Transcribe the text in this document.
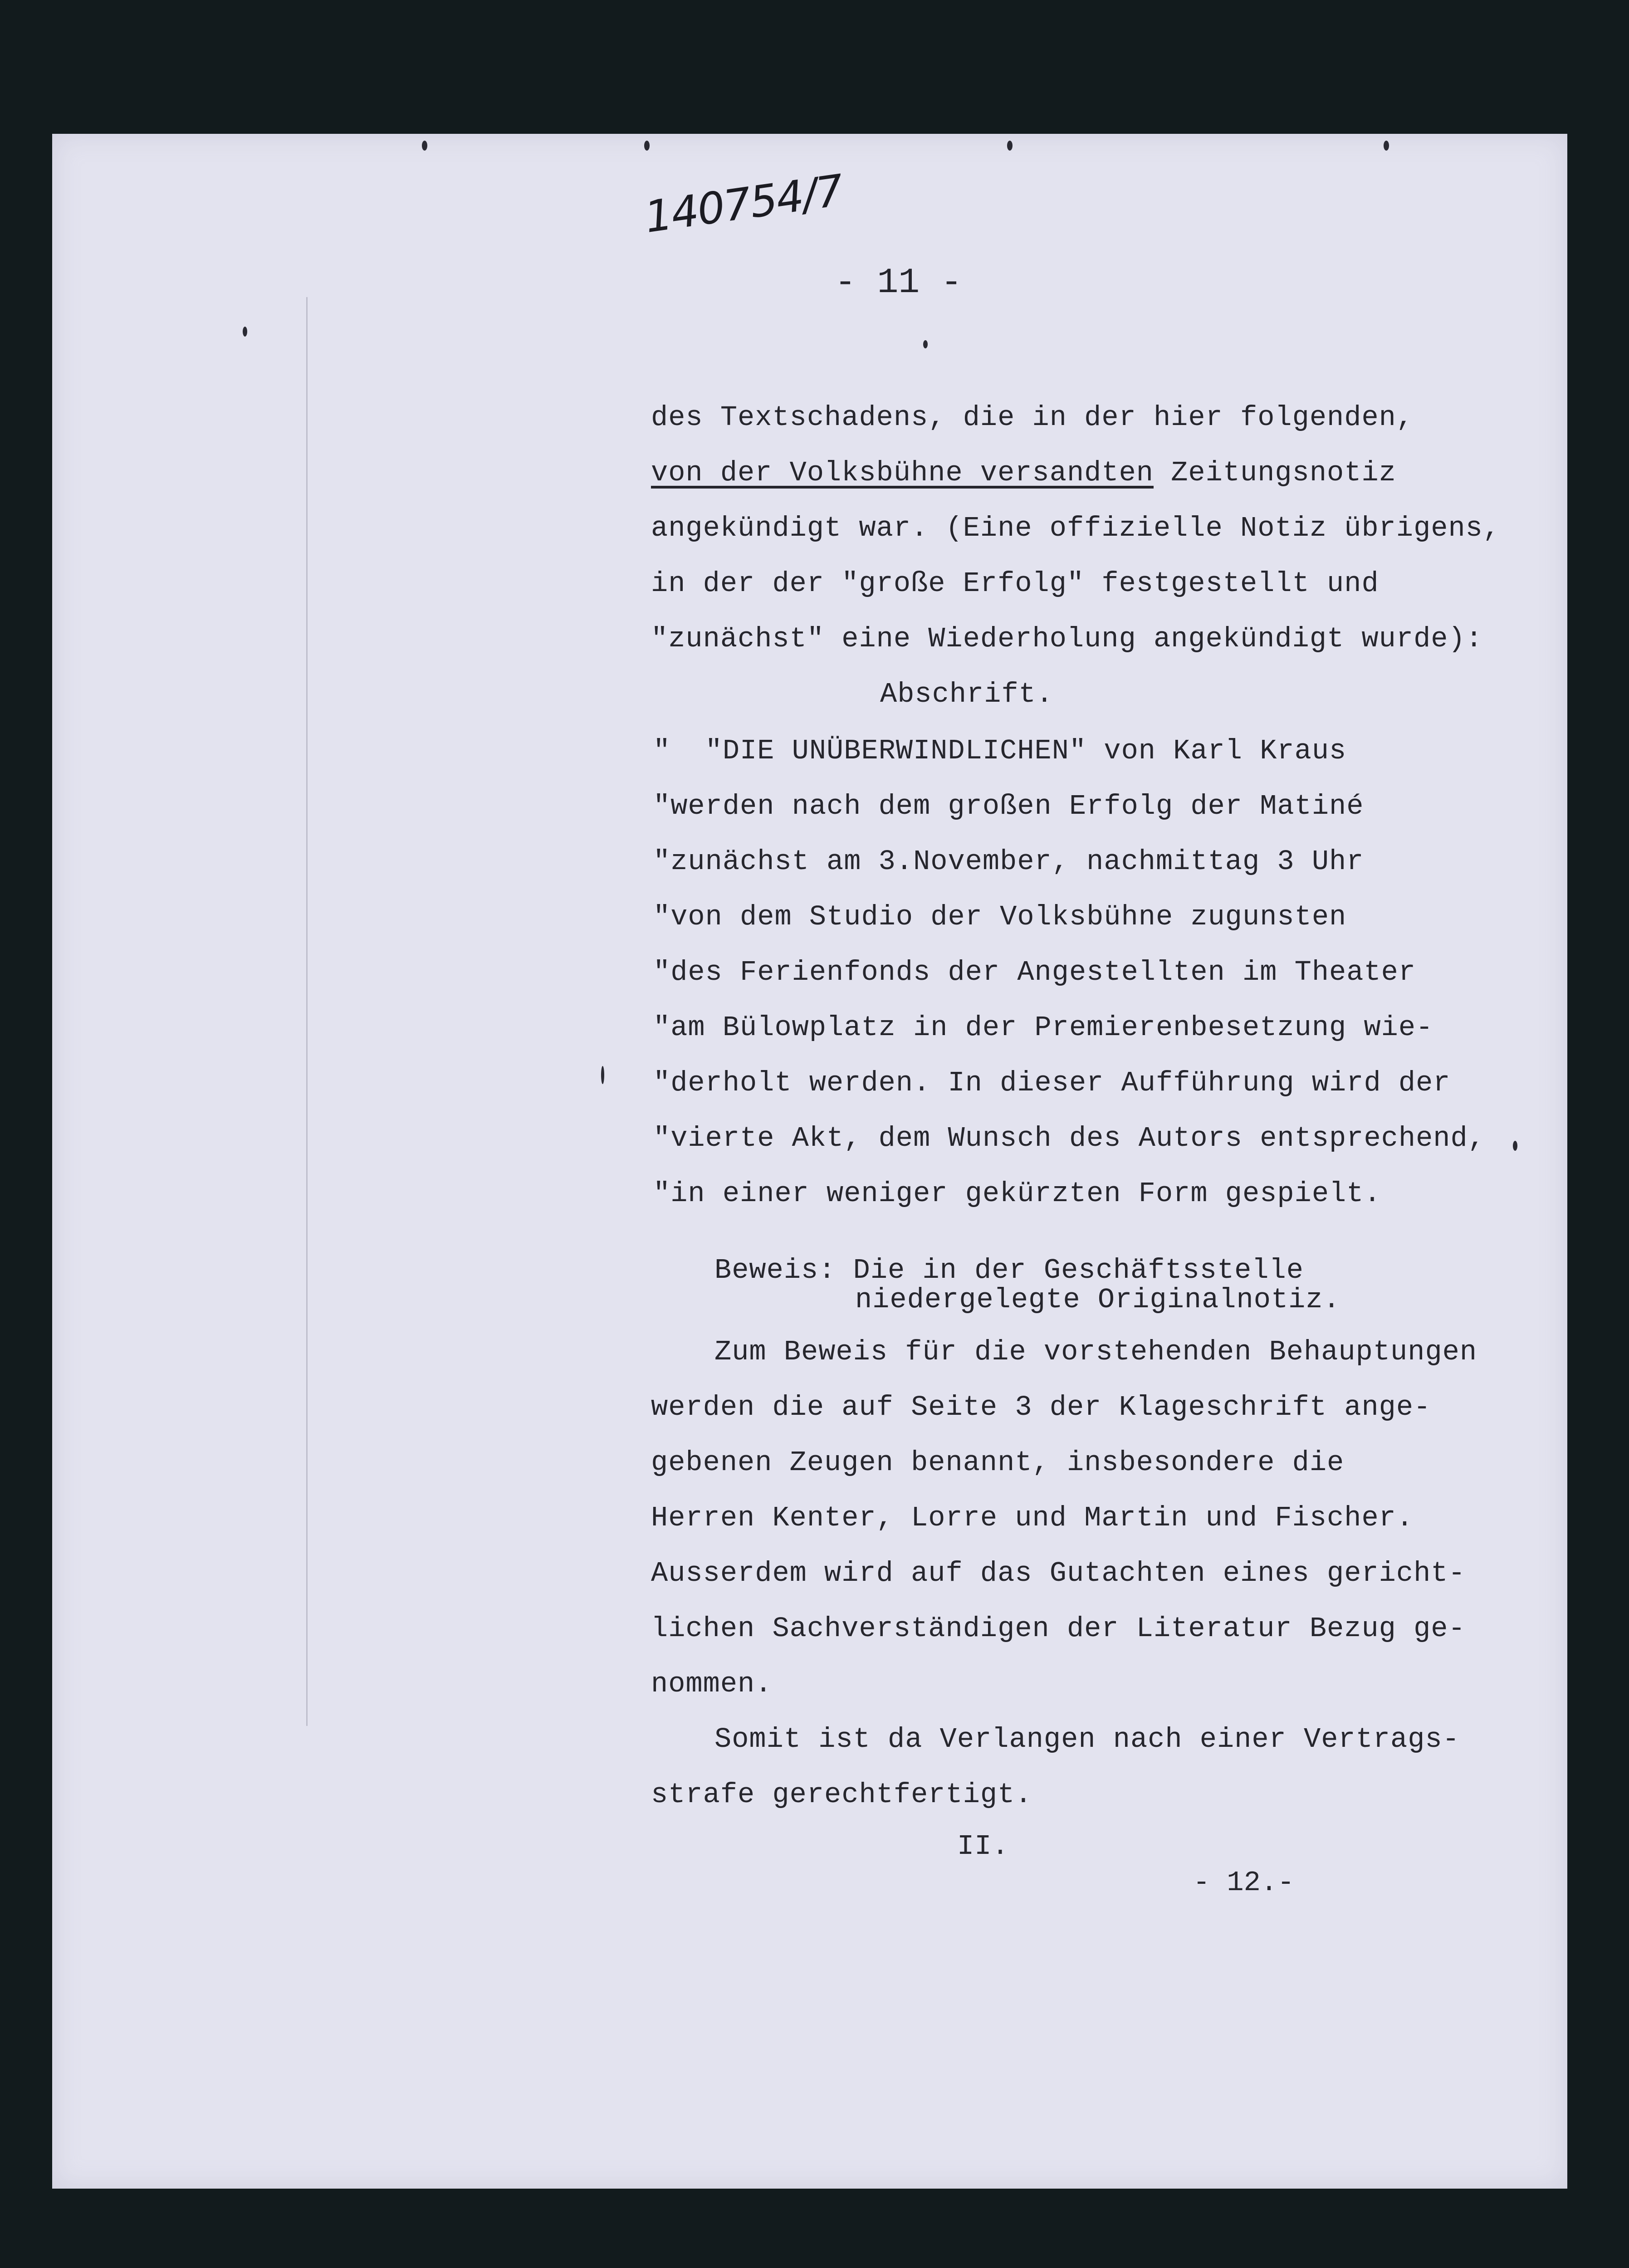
140754/7
- 11 -
des Textschadens, die in der hier folgenden,
von der Volksbühne versandten Zeitungsnotiz
angekündigt war. (Eine offizielle Notiz übrigens,
in der der "große Erfolg" festgestellt und
"zunächst" eine Wiederholung angekündigt wurde):
Abschrift.
"  "DIE UNÜBERWINDLICHEN" von Karl Kraus
"werden nach dem großen Erfolg der Matiné
"zunächst am 3.November, nachmittag 3 Uhr
"von dem Studio der Volksbühne zugunsten
"des Ferienfonds der Angestellten im Theater
"am Bülowplatz in der Premierenbesetzung wie-
"derholt werden. In dieser Aufführung wird der
"vierte Akt, dem Wunsch des Autors entsprechend,
"in einer weniger gekürzten Form gespielt.
Beweis: Die in der Geschäftsstelle
niedergelegte Originalnotiz.
Zum Beweis für die vorstehenden Behauptungen
werden die auf Seite 3 der Klageschrift ange-
gebenen Zeugen benannt, insbesondere die
Herren Kenter, Lorre und Martin und Fischer.
Ausserdem wird auf das Gutachten eines gericht-
lichen Sachverständigen der Literatur Bezug ge-
nommen.
Somit ist da Verlangen nach einer Vertrags-
strafe gerechtfertigt.
II.
- 12.-
